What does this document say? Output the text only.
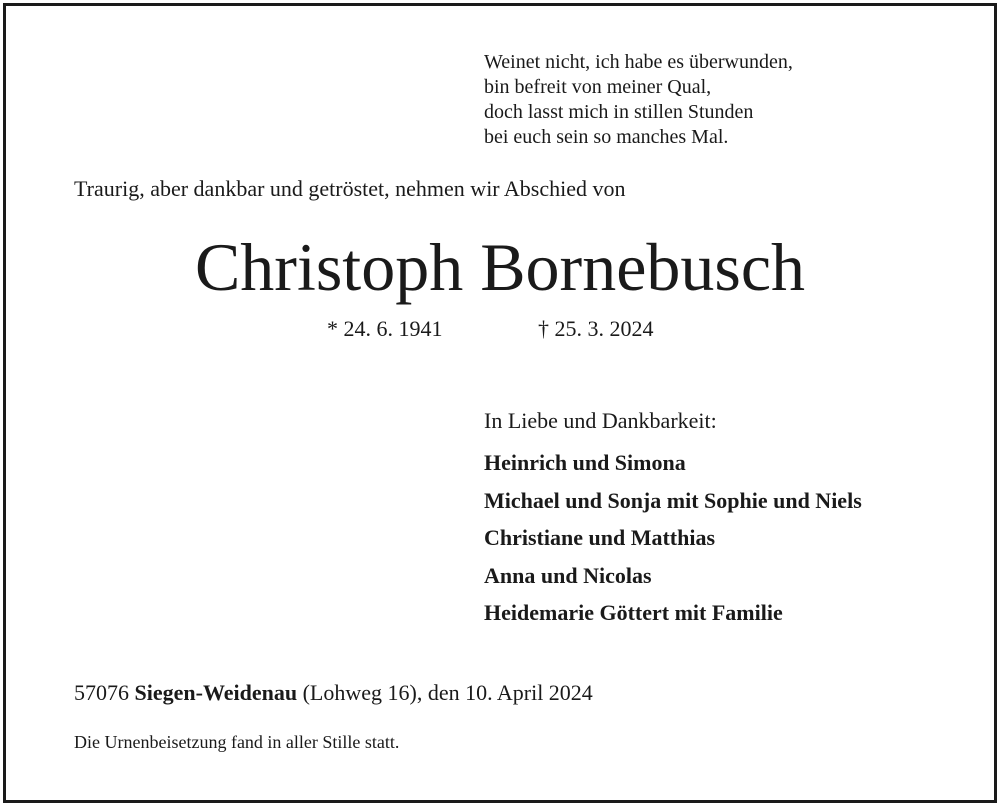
Weinet nicht, ich habe es überwunden,
bin befreit von meiner Qual,
doch lasst mich in stillen Stunden
bei euch sein so manches Mal.
Traurig, aber dankbar und getröstet, nehmen wir Abschied von
Christoph Bornebusch
* 24. 6. 1941	† 25. 3. 2024
In Liebe und Dankbarkeit:
Heinrich und Simona
Michael und Sonja mit Sophie und Niels
Christiane und Matthias
Anna und Nicolas
Heidemarie Göttert mit Familie
57076 Siegen-Weidenau (Lohweg 16), den 10. April 2024
Die Urnenbeisetzung fand in aller Stille statt.
